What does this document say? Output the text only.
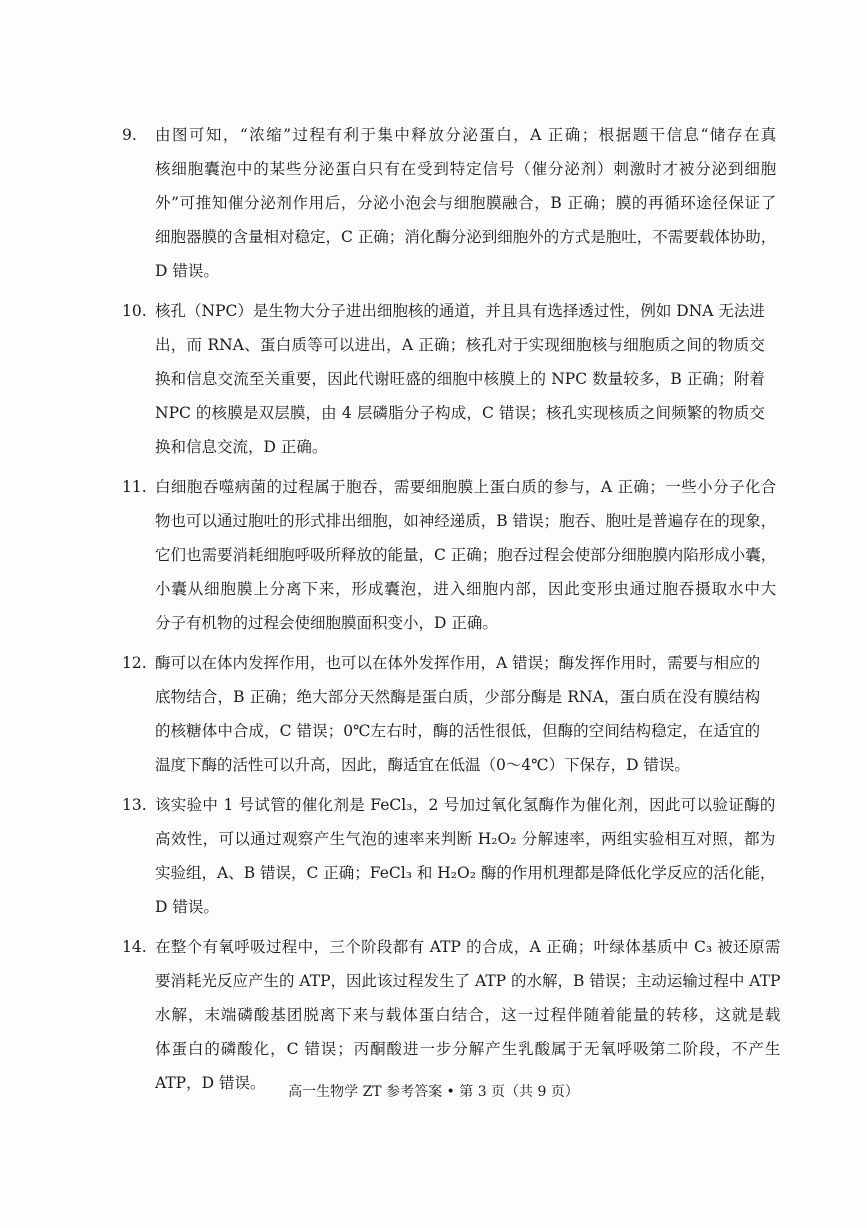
9.	由图可知，“浓缩”过程有利于集中释放分泌蛋白，A 正确；根据题干信息“储存在真
核细胞囊泡中的某些分泌蛋白只有在受到特定信号（催分泌剂）刺激时才被分泌到细胞
外”可推知催分泌剂作用后，分泌小泡会与细胞膜融合，B 正确；膜的再循环途径保证了
细胞器膜的含量相对稳定，C 正确；消化酶分泌到细胞外的方式是胞吐，不需要载体协助，
D 错误。
10. 核孔（NPC）是生物大分子进出细胞核的通道，并且具有选择透过性，例如 DNA 无法进
出，而 RNA、蛋白质等可以进出，A 正确；核孔对于实现细胞核与细胞质之间的物质交
换和信息交流至关重要，因此代谢旺盛的细胞中核膜上的 NPC 数量较多，B 正确；附着
NPC 的核膜是双层膜，由 4 层磷脂分子构成，C 错误；核孔实现核质之间频繁的物质交
换和信息交流，D 正确。
11. 白细胞吞噬病菌的过程属于胞吞，需要细胞膜上蛋白质的参与，A 正确；一些小分子化合
物也可以通过胞吐的形式排出细胞，如神经递质，B 错误；胞吞、胞吐是普遍存在的现象，
它们也需要消耗细胞呼吸所释放的能量，C 正确；胞吞过程会使部分细胞膜内陷形成小囊，
小囊从细胞膜上分离下来，形成囊泡，进入细胞内部，因此变形虫通过胞吞摄取水中大
分子有机物的过程会使细胞膜面积变小，D 正确。
12. 酶可以在体内发挥作用，也可以在体外发挥作用，A 错误；酶发挥作用时，需要与相应的
底物结合，B 正确；绝大部分天然酶是蛋白质，少部分酶是 RNA，蛋白质在没有膜结构
的核糖体中合成，C 错误；0℃左右时，酶的活性很低，但酶的空间结构稳定，在适宜的
温度下酶的活性可以升高，因此，酶适宜在低温（0～4℃）下保存，D 错误。
13. 该实验中 1 号试管的催化剂是 FeCl₃，2 号加过氧化氢酶作为催化剂，因此可以验证酶的
高效性，可以通过观察产生气泡的速率来判断 H₂O₂ 分解速率，两组实验相互对照，都为
实验组，A、B 错误，C 正确；FeCl₃ 和 H₂O₂ 酶的作用机理都是降低化学反应的活化能，
D 错误。
14. 在整个有氧呼吸过程中，三个阶段都有 ATP 的合成，A 正确；叶绿体基质中 C₃ 被还原需
要消耗光反应产生的 ATP，因此该过程发生了 ATP 的水解，B 错误；主动运输过程中 ATP
水解，末端磷酸基团脱离下来与载体蛋白结合，这一过程伴随着能量的转移，这就是载
体蛋白的磷酸化，C 错误；丙酮酸进一步分解产生乳酸属于无氧呼吸第二阶段，不产生
ATP，D 错误。	高一生物学 ZT 参考答案 • 第 3 页（共 9 页）
